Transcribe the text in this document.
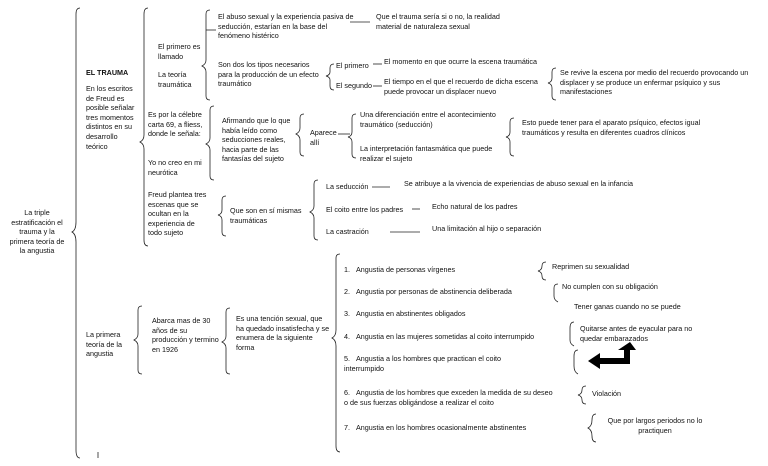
La triple estratificación el trauma y la primera teoría de la angustia
EL TRAUMA
En los escritos de Freud es posible señalar tres momentos distintos en su desarrollo teórico
El primero es llamado
El abuso sexual y la experiencia pasiva de seducción, estarían en la base del fenómeno histérico
Que el trauma sería si o no, la realidad material de naturaleza sexual
La teoría traumática
Son dos los tipos necesarios para la producción de un efecto traumático
El primero	El momento en que ocurre la escena traumática
El segundo	El tiempo en el que el recuerdo de dicha escena puede provocar un displacer nuevo
Se revive la escena por medio del recuerdo provocando un displacer y se produce un enfermar psíquico y sus manifestaciones
Es por la célebre carta 69, a fliess, donde le señala:
Yo no creo en mi neurótica
Afirmando que lo que había leído como seducciones reales, hacia parte de las fantasías del sujeto
Aparece allí
Una diferenciación entre el acontecimiento traumático (seducción)
La interpretación fantasmática que puede realizar el sujeto
Esto puede tener para el aparato psíquico, efectos igual traumáticos y resulta en diferentes cuadros clínicos
Freud plantea tres escenas que se ocultan en la experiencia de todo sujeto
Que son en sí mismas traumáticas
La seducción	Se atribuye a la vivencia de experiencias de abuso sexual en la infancia
El coito entre los padres	Echo natural de los padres
La castración	Una limitación al hijo o separación
La primera teoría de la angustia
Abarca mas de 30 años de su producción y termino en 1926
Es una tención sexual, que ha quedado insatisfecha y se enumera de la siguiente forma
1. Angustia de personas vírgenes
2. Angustia por personas de abstinencia deliberada
3. Angustia en abstinentes obligados
4. Angustia en las mujeres sometidas al coito interrumpido
5. Angustia a los hombres que practican el coito interrumpido
6. Angustia de los hombres que exceden la medida de su deseo o de sus fuerzas obligándose a realizar el coito
7. Angustia en los hombres ocasionalmente abstinentes
Reprimen su sexualidad
No cumplen con su obligación
Tener ganas cuando no se puede
Quitarse antes de eyacular para no quedar embarazados
Violación
Que por largos periodos no lo practiquen
